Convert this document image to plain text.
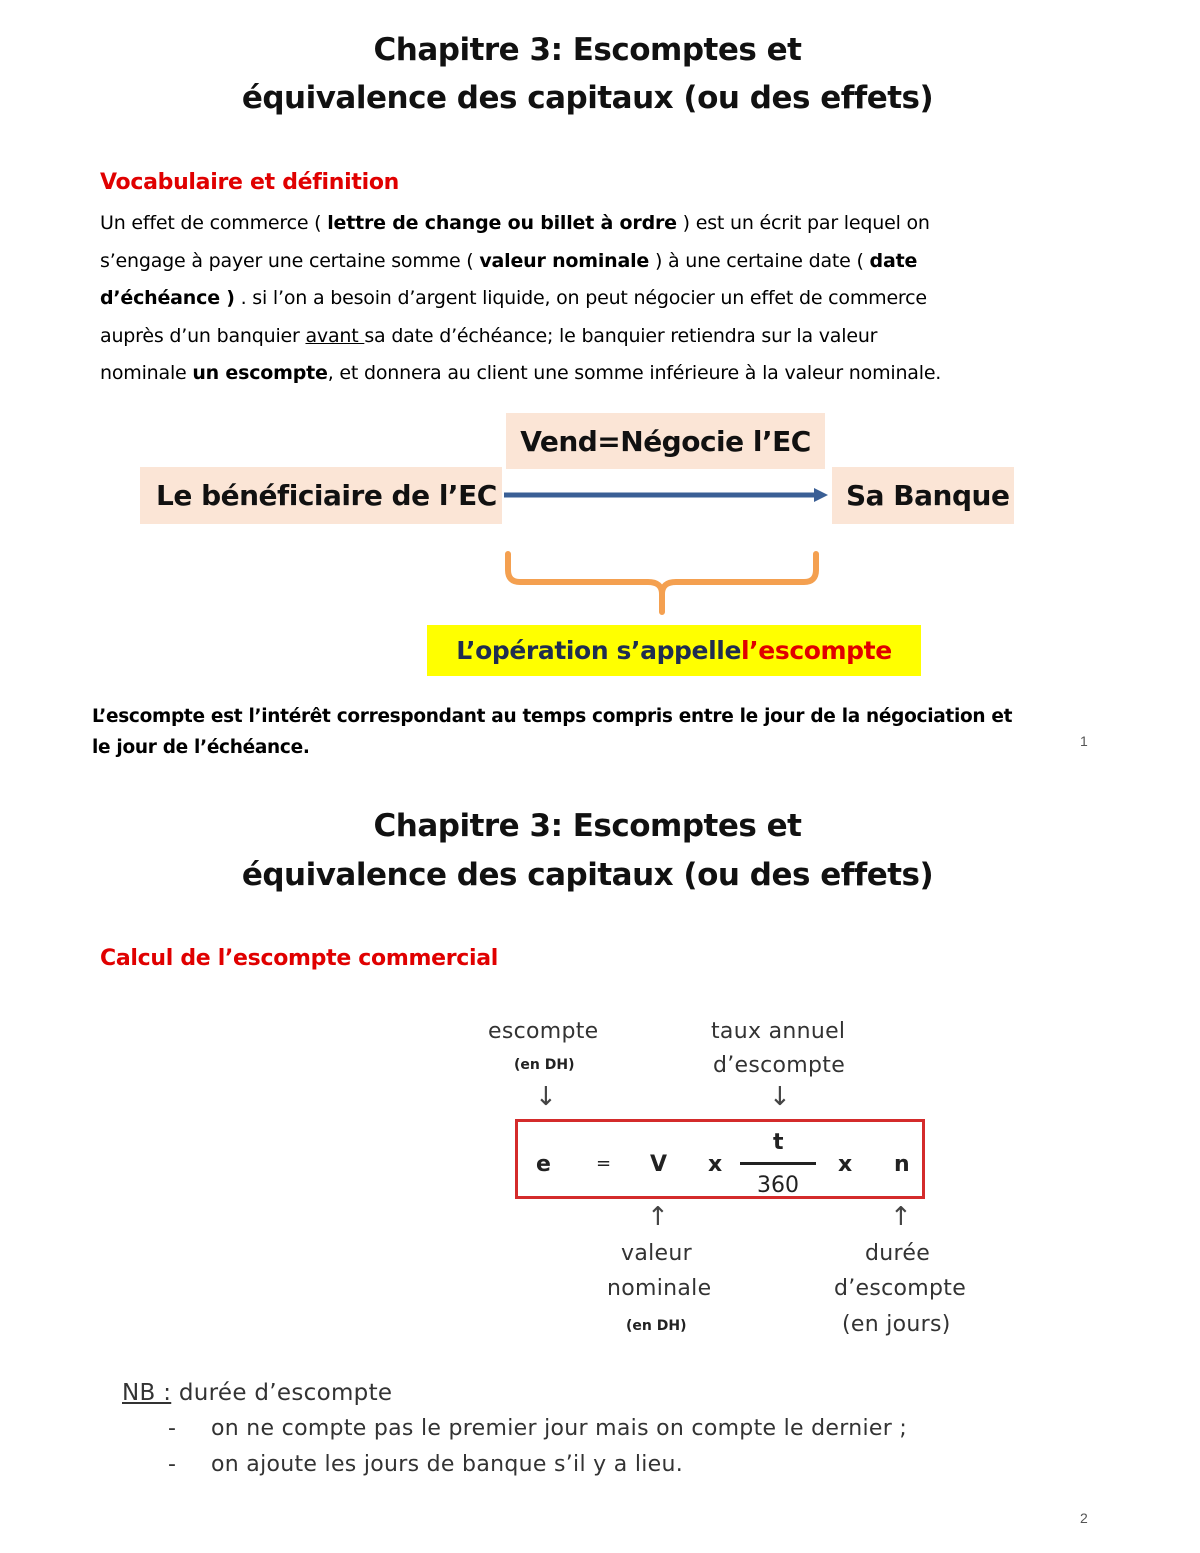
Chapitre 3: Escomptes et
équivalence des capitaux (ou des effets)
Vocabulaire et définition
Un effet de commerce ( lettre de change ou billet à ordre ) est un écrit par lequel on
s’engage à payer une certaine somme ( valeur nominale ) à une certaine date ( date
d’échéance ) . si l’on a besoin d’argent liquide, on peut négocier un effet de commerce
auprès d’un banquier avant sa date d’échéance; le banquier retiendra sur la valeur
nominale un escompte, et donnera au client une somme inférieure à la valeur nominale.
Vend=Négocie l’EC
Le bénéficiaire de l’EC	Sa Banque
L’opération s’appelle l’escompte
L’escompte est l’intérêt correspondant au temps compris entre le jour de la négociation et
le jour de l’échéance.	1
Chapitre 3: Escomptes et
équivalence des capitaux (ou des effets)
Calcul de l’escompte commercial
escompte
(en DH)
↓
taux annuel
d’escompte
↓
e	= V x
t
360
x n
↑
valeur
nominale
(en DH)
↑
durée
d’escompte
(en jours)
NB : durée d’escompte
- on ne compte pas le premier jour mais on compte le dernier ;
- on ajoute les jours de banque s’il y a lieu.
2
